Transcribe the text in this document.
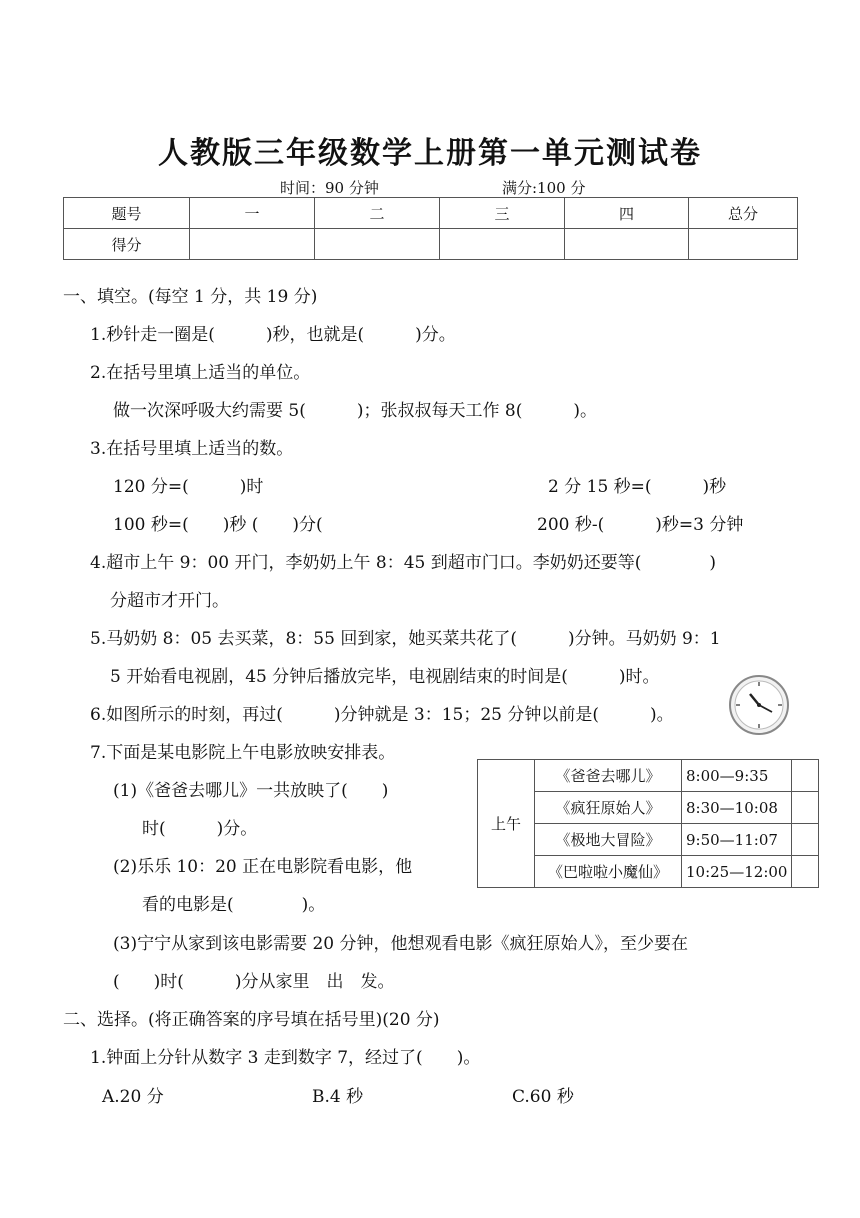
人教版三年级数学上册第一单元测试卷
时间：90 分钟	满分:100 分
题号	一	二	三	四	总分
得分					
一、填空。(每空 1 分，共 19 分)
1.秒针走一圈是(　　　)秒，也就是(　　　)分。
2.在括号里填上适当的单位。
做一次深呼吸大约需要 5(　　　)；张叔叔每天工作 8(　　　)。
3.在括号里填上适当的数。
120 分=(　　　)时	2 分 15 秒=(　　　)秒
100 秒=(　　)秒 (　　)分(	200 秒-(　　　)秒=3 分钟
4.超市上午 9：00 开门，李奶奶上午 8：45 到超市门口。李奶奶还要等(　　　　)
分超市才开门。
5.马奶奶 8：05 去买菜，8：55 回到家，她买菜共花了(　　　)分钟。马奶奶 9：1
5 开始看电视剧，45 分钟后播放完毕，电视剧结束的时间是(　　　)时。
6.如图所示的时刻，再过(　　　)分钟就是 3：15；25 分钟以前是(　　　)。
7.下面是某电影院上午电影放映安排表。
(1)《爸爸去哪儿》一共放映了(　　)
时(　　　)分。
(2)乐乐 10：20 正在电影院看电影，他
看的电影是(　　　　)。
上午	《爸爸去哪儿》	8:00—9:35	
	《疯狂原始人》	8:30—10:08	
	《极地大冒险》	9:50—11:07	
	《巴啦啦小魔仙》	10:25—12:00	
(3)宁宁从家到该电影需要 20 分钟，他想观看电影《疯狂原始人》，至少要在
(　　)时(　　　)分从家里　出　发。
二、选择。(将正确答案的序号填在括号里)(20 分)
1.钟面上分针从数字 3 走到数字 7，经过了(　　)。
A.20 分	B.4 秒	C.60 秒
